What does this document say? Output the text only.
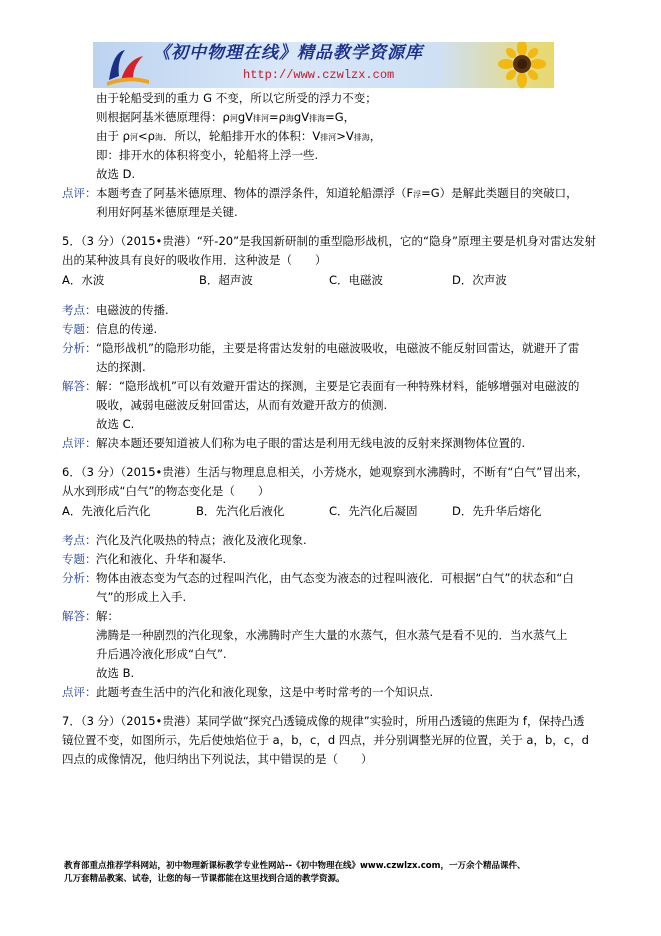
《初中物理在线》精品教学资源库
http://www.czwlzx.com
由于轮船受到的重力 G 不变，所以它所受的浮力不变；
则根据阿基米德原理得：ρ河gV排河=ρ海gV排海=G，
由于 ρ河<ρ海．所以，轮船排开水的体积：V排河>V排海，
即：排开水的体积将变小，轮船将上浮一些.
故选 D.
点评： 本题考查了阿基米德原理、物体的漂浮条件，知道轮船漂浮（F浮=G）是解此类题目的突破口，
利用好阿基米德原理是关键.
5．（3 分）（2015•贵港）“歼-20”是我国新研制的重型隐形战机，它的“隐身”原理主要是机身对雷达发射
出的某种波具有良好的吸收作用．这种波是（　　）
A．水波	B．超声波	C．电磁波	D．次声波
考点： 电磁波的传播.
专题： 信息的传递.
分析： “隐形战机”的隐形功能，主要是将雷达发射的电磁波吸收，电磁波不能反射回雷达，就避开了雷
达的探测.
解答： 解：“隐形战机”可以有效避开雷达的探测，主要是它表面有一种特殊材料，能够增强对电磁波的
吸收，减弱电磁波反射回雷达，从而有效避开敌方的侦测.
故选 C.
点评： 解决本题还要知道被人们称为电子眼的雷达是利用无线电波的反射来探测物体位置的.
6．（3 分）（2015•贵港）生活与物理息息相关，小芳烧水，她观察到水沸腾时，不断有“白气”冒出来，
从水到形成“白气”的物态变化是（　　）
A．先液化后汽化	B．先汽化后液化	C．先汽化后凝固	D．先升华后熔化
考点： 汽化及汽化吸热的特点；液化及液化现象.
专题： 汽化和液化、升华和凝华.
分析： 物体由液态变为气态的过程叫汽化，由气态变为液态的过程叫液化．可根据“白气”的状态和“白
气”的形成上入手.
解答： 解：
沸腾是一种剧烈的汽化现象，水沸腾时产生大量的水蒸气，但水蒸气是看不见的．当水蒸气上
升后遇冷液化形成“白气”.
故选 B.
点评： 此题考查生活中的汽化和液化现象，这是中考时常考的一个知识点.
7．（3 分）（2015•贵港）某同学做“探究凸透镜成像的规律”实验时，所用凸透镜的焦距为 f，保持凸透
镜位置不变，如图所示，先后使烛焰位于 a，b，c，d 四点，并分别调整光屏的位置，关于 a，b，c，d
四点的成像情况，他归纳出下列说法，其中错误的是（　　）
教育部重点推荐学科网站，初中物理新课标教学专业性网站--《初中物理在线》www.czwlzx.com，一万余个精品课件、
几万套精品教案、试卷，让您的每一节课都能在这里找到合适的教学资源。
